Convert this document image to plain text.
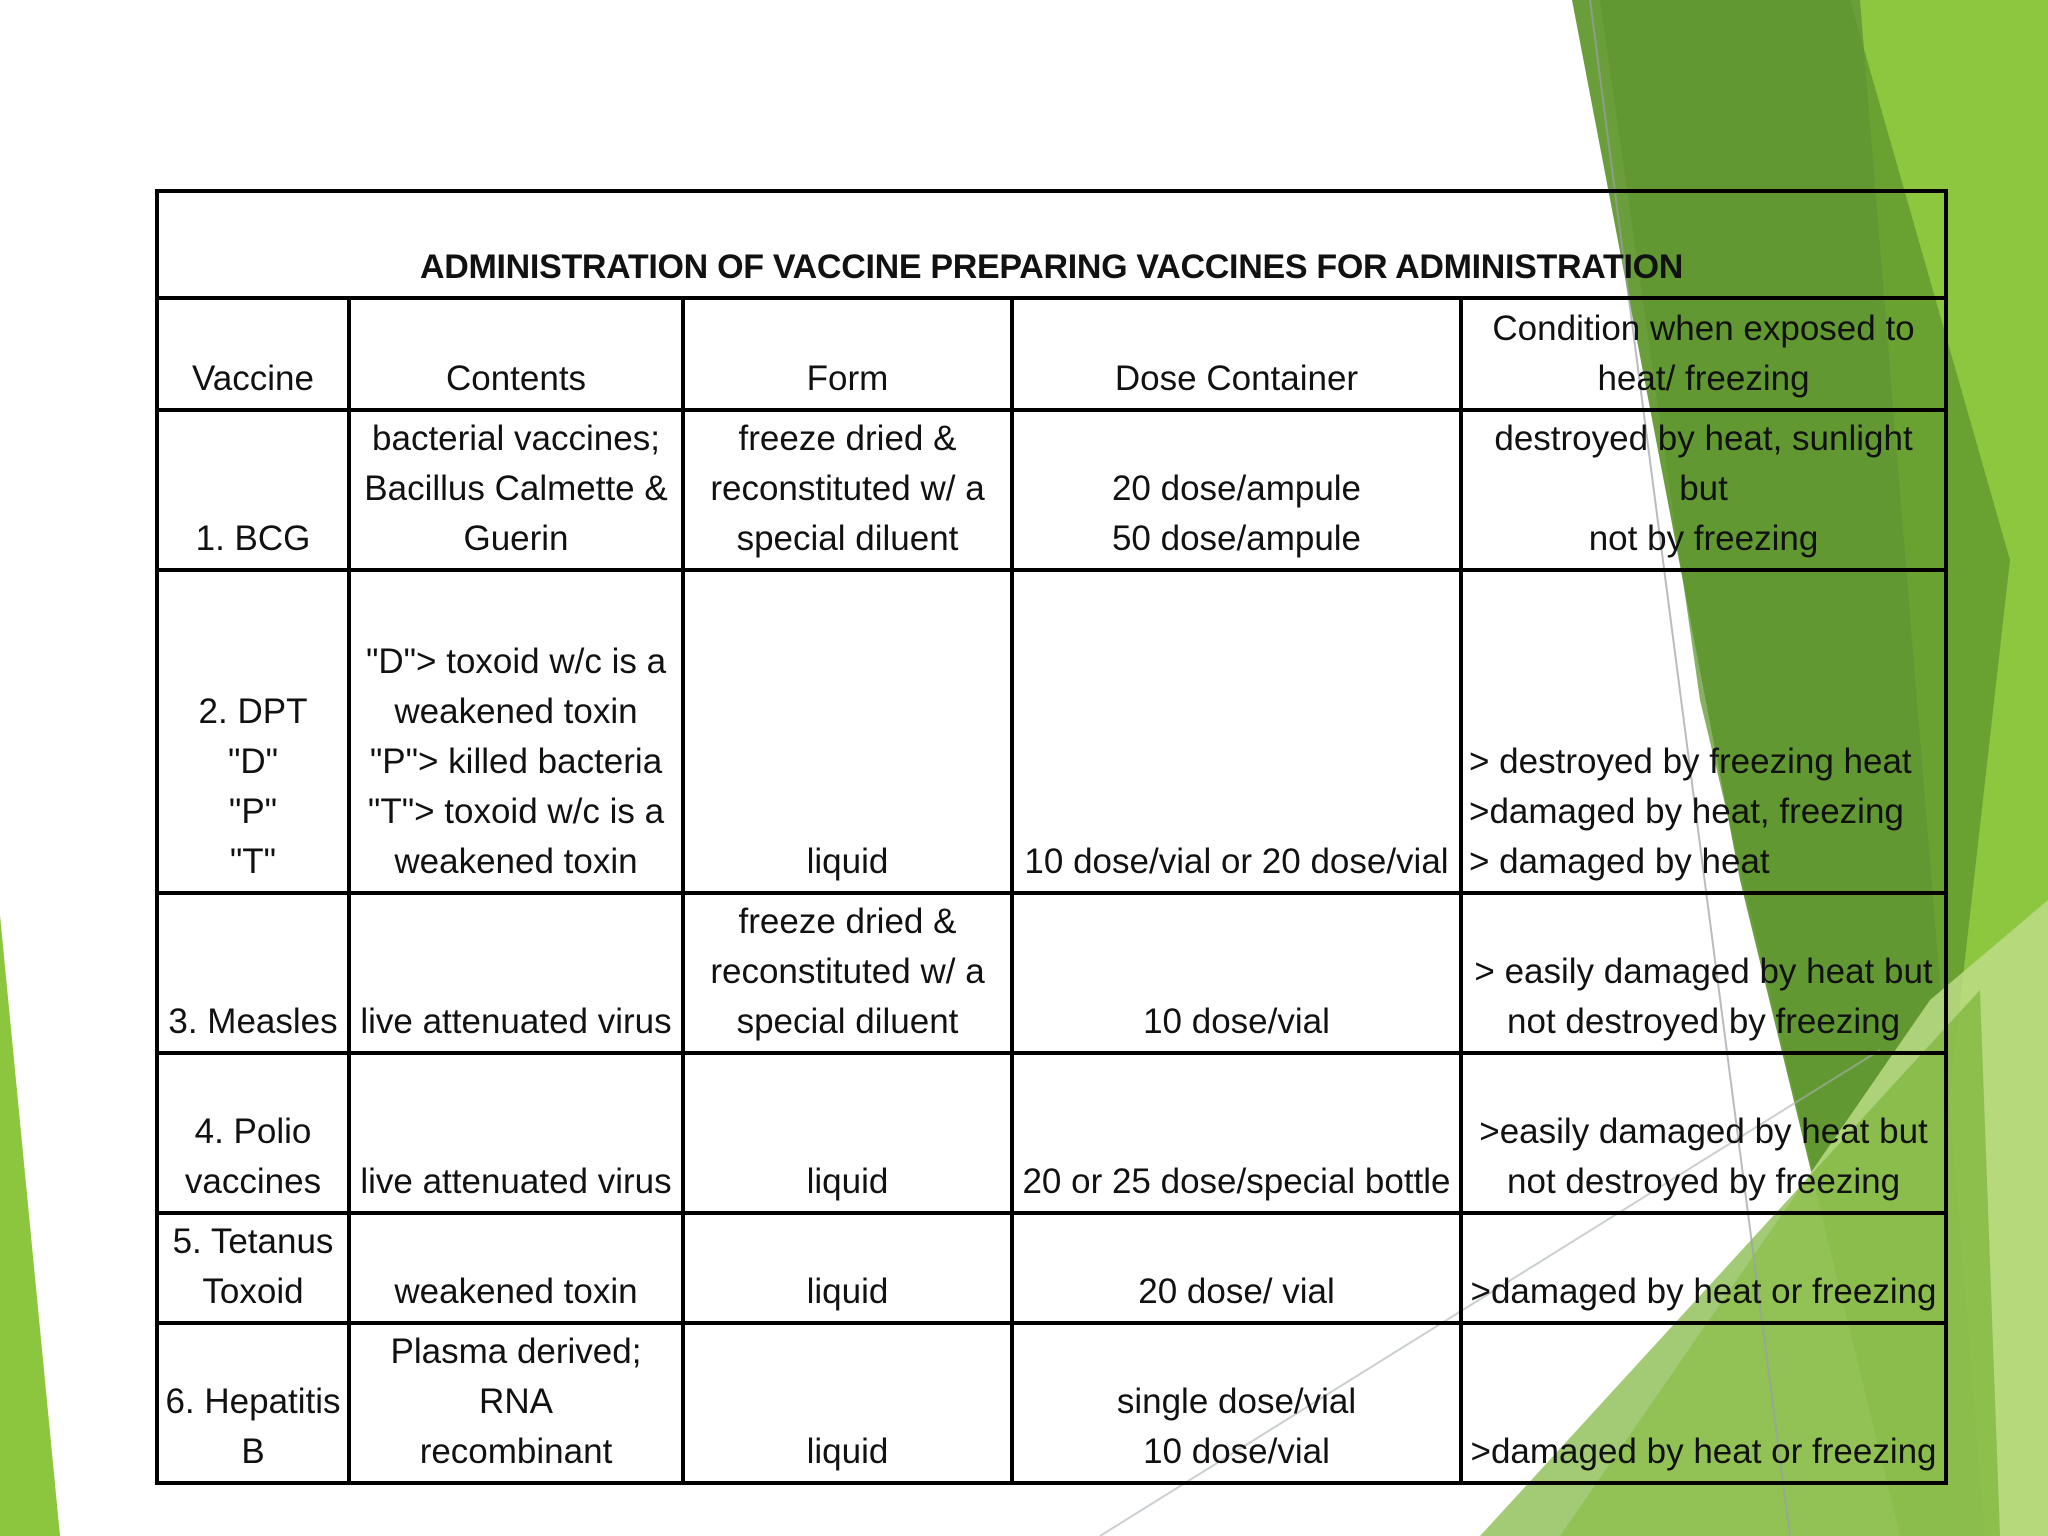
ADMINISTRATION OF VACCINE PREPARING VACCINES FOR ADMINISTRATION				
Vaccine	Contents	Form	Dose Container	Condition when exposed to
heat/ freezing
1. BCG	bacterial vaccines;
Bacillus Calmette &
Guerin	freeze dried &
reconstituted w/ a
special diluent	20 dose/ampule
50 dose/ampule	destroyed by heat, sunlight but
not by freezing
2. DPT
"D"
"P"
"T"	"D"> toxoid w/c is a
weakened toxin
"P"> killed bacteria
"T"> toxoid w/c is a
weakened toxin	liquid	10 dose/vial or 20 dose/vial	> destroyed by freezing heat
>damaged by heat, freezing
> damaged by heat
3. Measles	live attenuated virus	freeze dried &
reconstituted w/ a
special diluent	10 dose/vial	> easily damaged by heat but
not destroyed by freezing
4. Polio
vaccines	live attenuated virus	liquid	20 or 25 dose/special bottle	>easily damaged by heat but
not destroyed by freezing
5. Tetanus
Toxoid	weakened toxin	liquid	20 dose/ vial	>damaged by heat or freezing
6. Hepatitis
B	Plasma derived; RNA
recombinant	liquid	single dose/vial
10 dose/vial	>damaged by heat or freezing
